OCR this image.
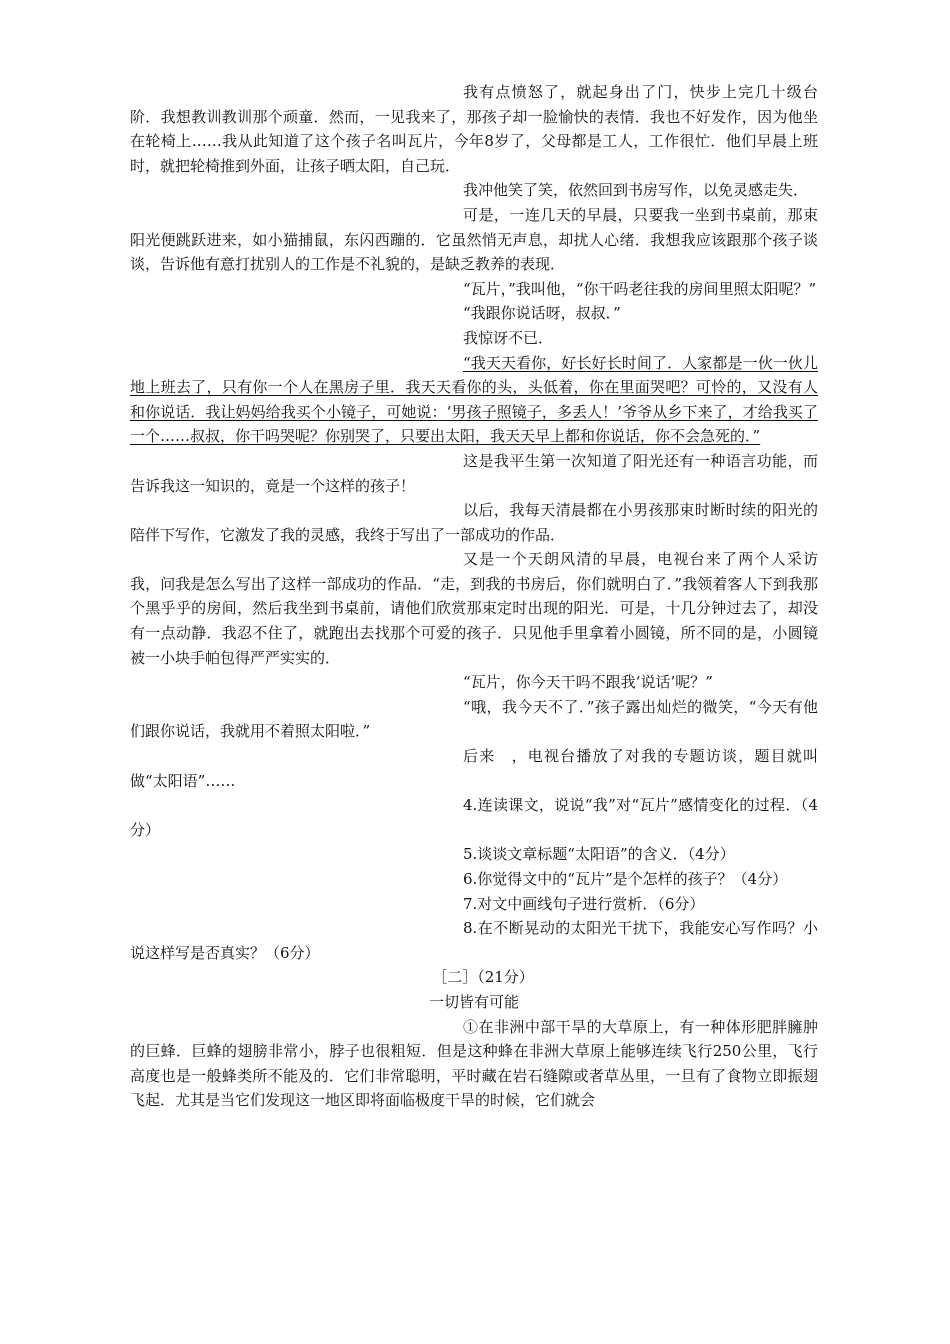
我有点愤怒了，就起身出了门，快步上完几十级台阶．我想教训教训那个顽童．然而，一见我来了，那孩子却一脸愉快的表情．我也不好发作，因为他坐在轮椅上……我从此知道了这个孩子名叫瓦片，今年8岁了，父母都是工人，工作很忙．他们早晨上班时，就把轮椅推到外面，让孩子晒太阳，自己玩．

我冲他笑了笑，依然回到书房写作，以免灵感走失．

可是，一连几天的早晨，只要我一坐到书桌前，那束阳光便跳跃进来，如小猫捕鼠，东闪西蹦的．它虽然悄无声息，却扰人心绪．我想我应该跟那个孩子谈谈，告诉他有意打扰别人的工作是不礼貌的，是缺乏教养的表现．

“瓦片，”我叫他，“你干吗老往我的房间里照太阳呢？”

“我跟你说话呀，叔叔．”

我惊讶不已．

“我天天看你，好长好长时间了．人家都是一伙一伙儿地上班去了，只有你一个人在黑房子里．我天天看你的头，头低着，你在里面哭吧？可怜的，又没有人和你说话．我让妈妈给我买个小镜子，可她说：‘男孩子照镜子，多丢人！’爷爷从乡下来了，才给我买了一个……叔叔，你干吗哭呢？你别哭了，只要出太阳，我天天早上都和你说话，你不会急死的．”

这是我平生第一次知道了阳光还有一种语言功能，而告诉我这一知识的，竟是一个这样的孩子！

以后，我每天清晨都在小男孩那束时断时续的阳光的陪伴下写作，它激发了我的灵感，我终于写出了一部成功的作品．

又是一个天朗风清的早晨，电视台来了两个人采访我，问我是怎么写出了这样一部成功的作品．“走，到我的书房后，你们就明白了．”我领着客人下到我那个黑乎乎的房间，然后我坐到书桌前，请他们欣赏那束定时出现的阳光．可是，十几分钟过去了，却没有一点动静．我忍不住了，就跑出去找那个可爱的孩子．只见他手里拿着小圆镜，所不同的是，小圆镜被一小块手帕包得严严实实的．

“瓦片，你今天干吗不跟我‘说话’呢？”

“哦，我今天不了．”孩子露出灿烂的微笑，“今天有他们跟你说话，我就用不着照太阳啦．”

后来　，电视台播放了对我的专题访谈，题目就叫做“太阳语”……

4.连读课文，说说“我”对“瓦片”感情变化的过程．（4分）

5.谈谈文章标题“太阳语”的含义．（4分）

6.你觉得文中的“瓦片”是个怎样的孩子？（4分）

7.对文中画线句子进行赏析．（6分）

8.在不断晃动的太阳光干扰下，我能安心写作吗？小说这样写是否真实？（6分）

［二］（21分）

一切皆有可能

①在非洲中部干旱的大草原上，有一种体形肥胖臃肿的巨蜂．巨蜂的翅膀非常小，脖子也很粗短．但是这种蜂在非洲大草原上能够连续飞行250公里，飞行高度也是一般蜂类所不能及的．它们非常聪明，平时藏在岩石缝隙或者草丛里，一旦有了食物立即振翅飞起．尤其是当它们发现这一地区即将面临极度干旱的时候，它们就会
